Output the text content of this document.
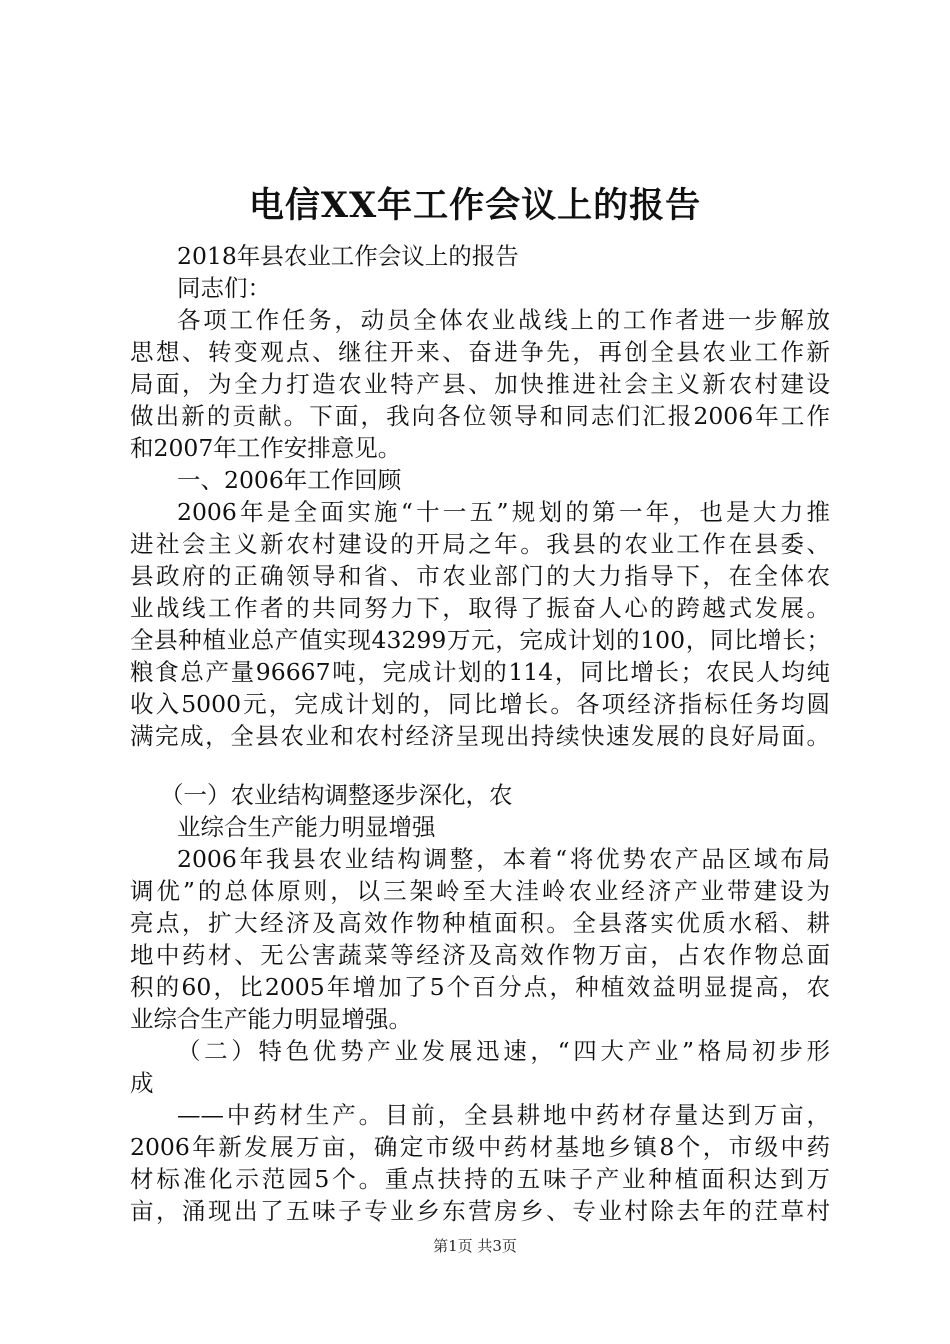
电信XX年工作会议上的报告
2018年县农业工作会议上的报告
同志们：
各项工作任务，动员全体农业战线上的工作者进一步解放
思想、转变观点、继往开来、奋进争先，再创全县农业工作新
局面，为全力打造农业特产县、加快推进社会主义新农村建设
做出新的贡献。下面，我向各位领导和同志们汇报2006年工作
和2007年工作安排意见。
一、2006年工作回顾
2006年是全面实施“十一五”规划的第一年，也是大力推
进社会主义新农村建设的开局之年。我县的农业工作在县委、
县政府的正确领导和省、市农业部门的大力指导下，在全体农
业战线工作者的共同努力下，取得了振奋人心的跨越式发展。
全县种植业总产值实现43299万元，完成计划的100，同比增长；
粮食总产量96667吨，完成计划的114，同比增长；农民人均纯
收入5000元，完成计划的，同比增长。各项经济指标任务均圆
满完成，全县农业和农村经济呈现出持续快速发展的良好局面。
（一）农业结构调整逐步深化，农
业综合生产能力明显增强
2006年我县农业结构调整，本着“将优势农产品区域布局
调优”的总体原则，以三架岭至大洼岭农业经济产业带建设为
亮点，扩大经济及高效作物种植面积。全县落实优质水稻、耕
地中药材、无公害蔬菜等经济及高效作物万亩，占农作物总面
积的60，比2005年增加了5个百分点，种植效益明显提高，农
业综合生产能力明显增强。
（二）特色优势产业发展迅速，“四大产业”格局初步形
成
——中药材生产。目前，全县耕地中药材存量达到万亩，
2006年新发展万亩，确定市级中药材基地乡镇8个，市级中药
材标准化示范园5个。重点扶持的五味子产业种植面积达到万
亩，涌现出了五味子专业乡东营房乡、专业村除去年的茳草村
第1页 共3页
